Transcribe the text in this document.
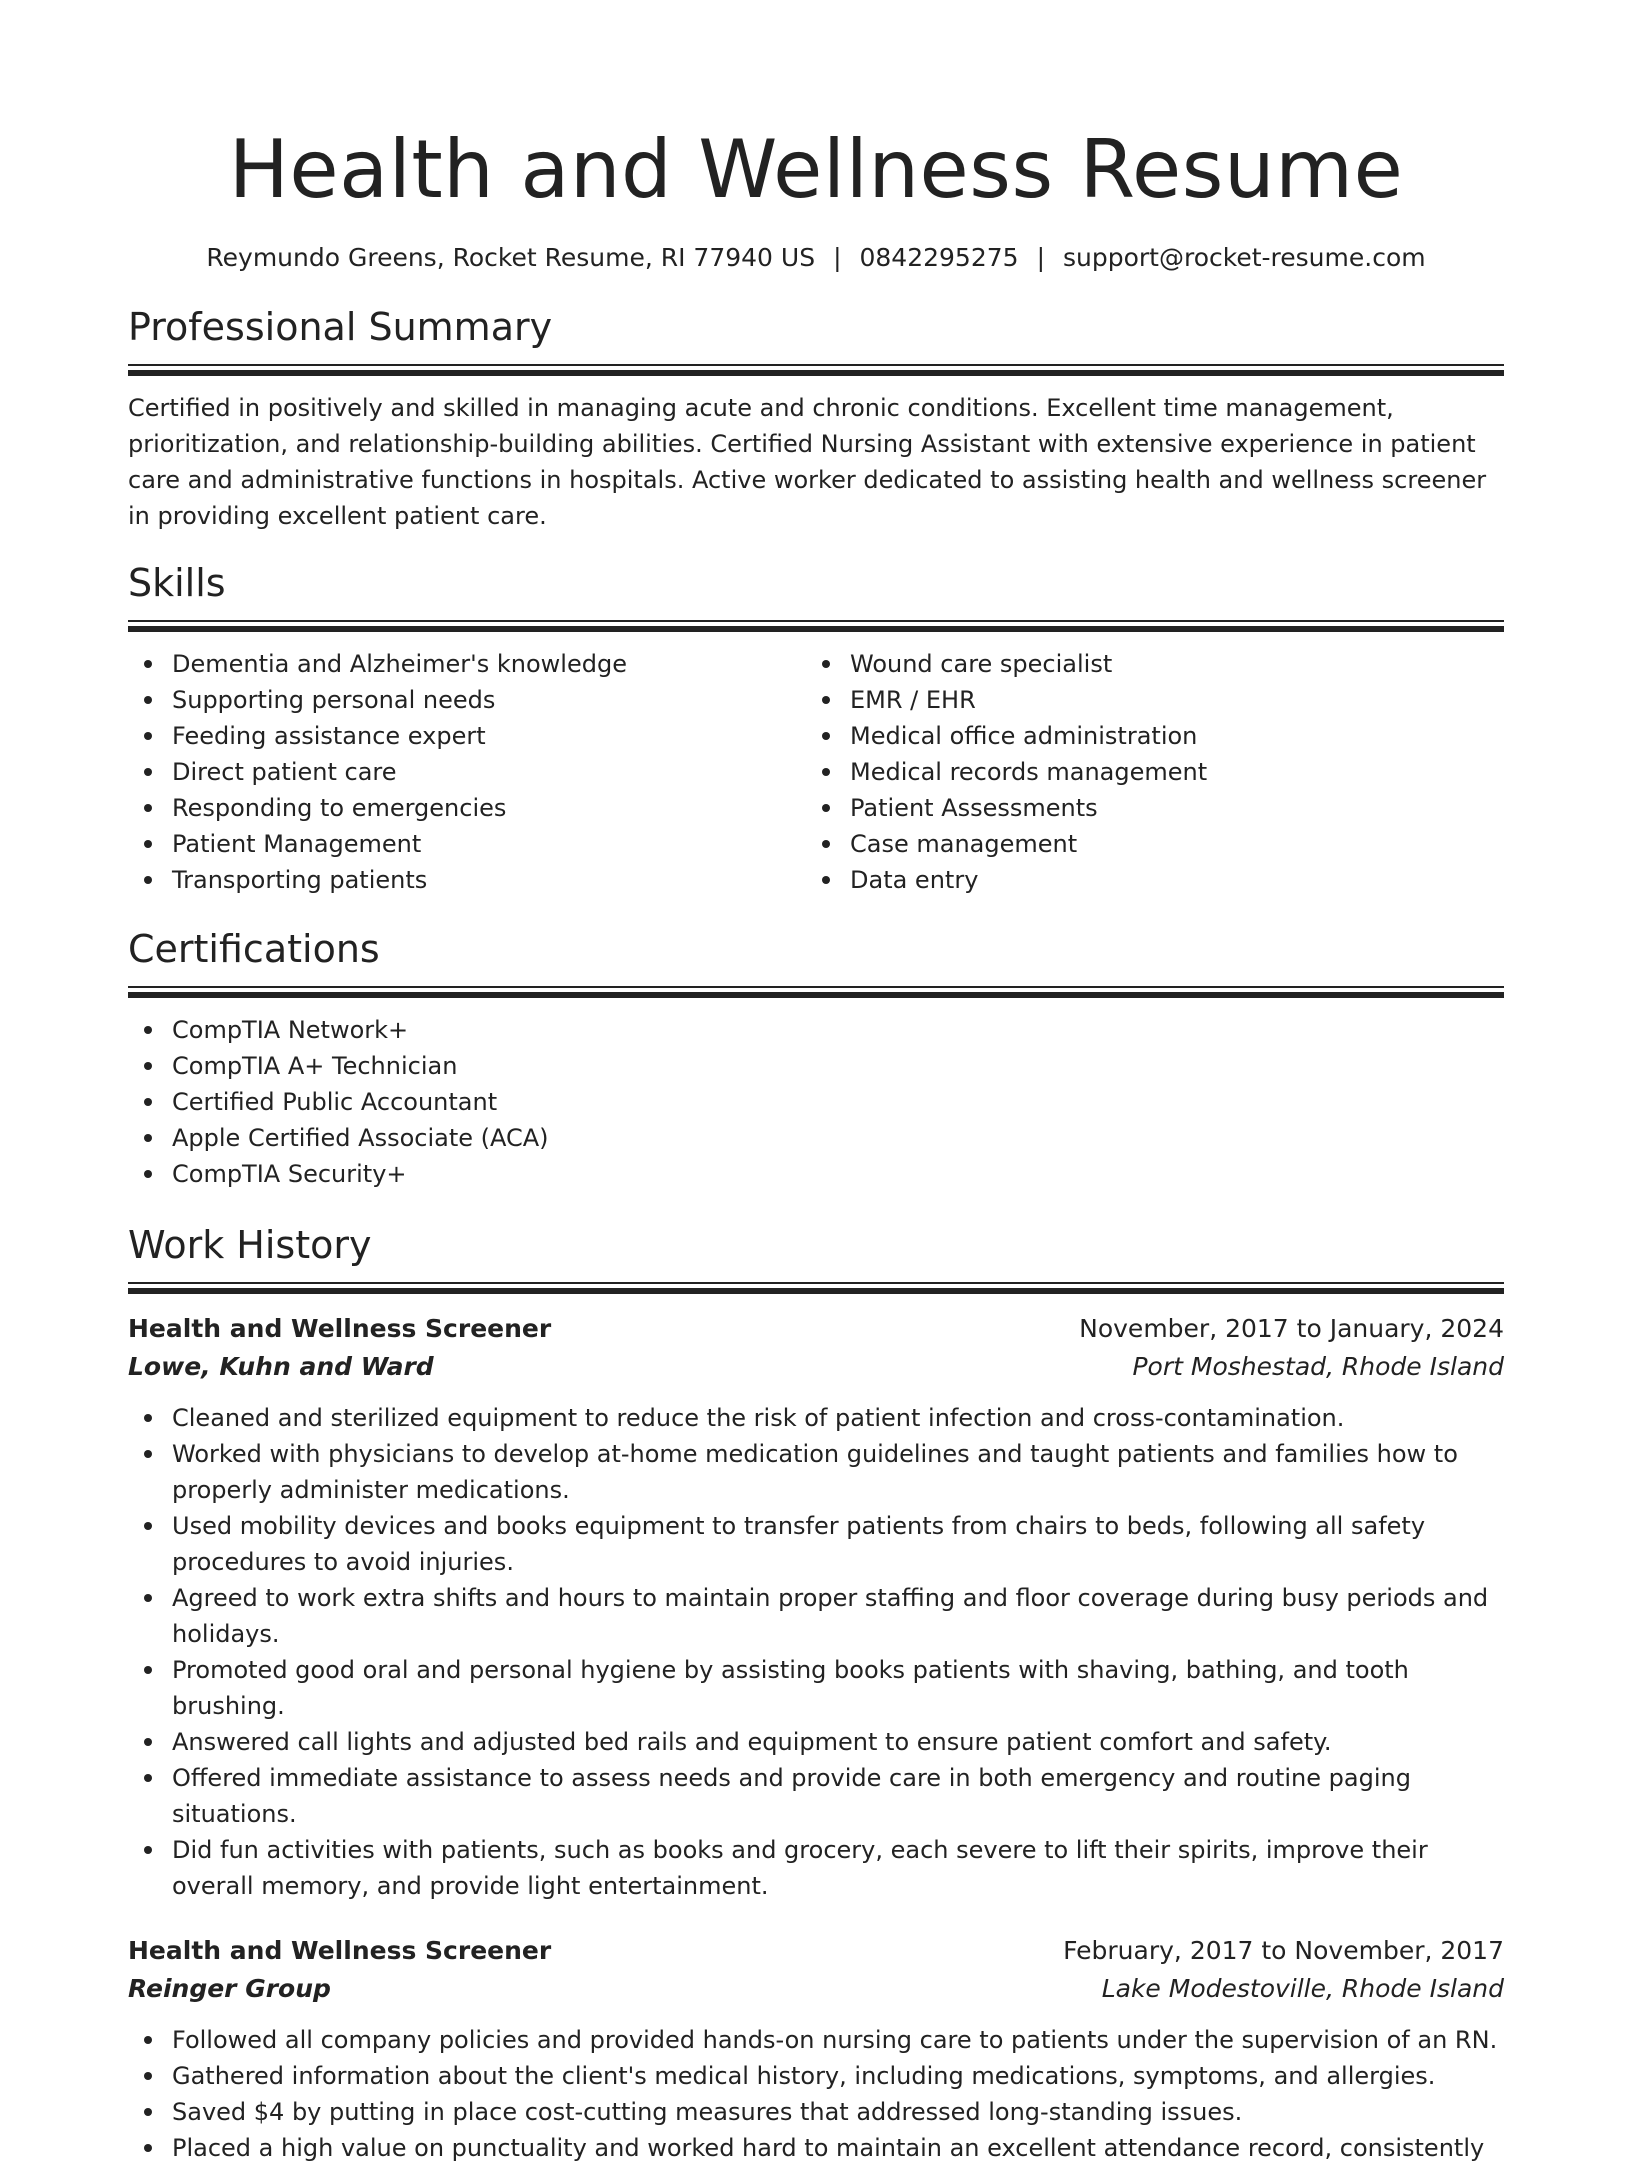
Health and Wellness Resume
Reymundo Greens, Rocket Resume, RI 77940 US | 0842295275 | support@rocket-resume.com
Professional Summary

Certified in positively and skilled in managing acute and chronic conditions. Excellent time management, prioritization, and relationship-building abilities. Certified Nursing Assistant with extensive experience in patient care and administrative functions in hospitals. Active worker dedicated to assisting health and wellness screener in providing excellent patient care.

Skills
Dementia and Alzheimer's knowledge
Supporting personal needs
Feeding assistance expert
Direct patient care
Responding to emergencies
Patient Management
Transporting patients
Wound care specialist
EMR / EHR
Medical office administration
Medical records management
Patient Assessments
Case management
Data entry
Certifications
CompTIA Network+
CompTIA A+ Technician
Certified Public Accountant
Apple Certified Associate (ACA)
CompTIA Security+
Work History
Health and Wellness Screener	November, 2017 to January, 2024
Lowe, Kuhn and Ward	Port Moshestad, Rhode Island
Cleaned and sterilized equipment to reduce the risk of patient infection and cross-contamination.
Worked with physicians to develop at-home medication guidelines and taught patients and families how to properly administer medications.
Used mobility devices and books equipment to transfer patients from chairs to beds, following all safety procedures to avoid injuries.
Agreed to work extra shifts and hours to maintain proper staffing and floor coverage during busy periods and holidays.
Promoted good oral and personal hygiene by assisting books patients with shaving, bathing, and tooth brushing.
Answered call lights and adjusted bed rails and equipment to ensure patient comfort and safety.
Offered immediate assistance to assess needs and provide care in both emergency and routine paging situations.
Did fun activities with patients, such as books and grocery, each severe to lift their spirits, improve their overall memory, and provide light entertainment.
Health and Wellness Screener	February, 2017 to November, 2017
Reinger Group	Lake Modestoville, Rhode Island
Followed all company policies and provided hands-on nursing care to patients under the supervision of an RN.
Gathered information about the client's medical history, including medications, symptoms, and allergies.
Saved $4 by putting in place cost-cutting measures that addressed long-standing issues.
Placed a high value on punctuality and worked hard to maintain an excellent attendance record, consistently
